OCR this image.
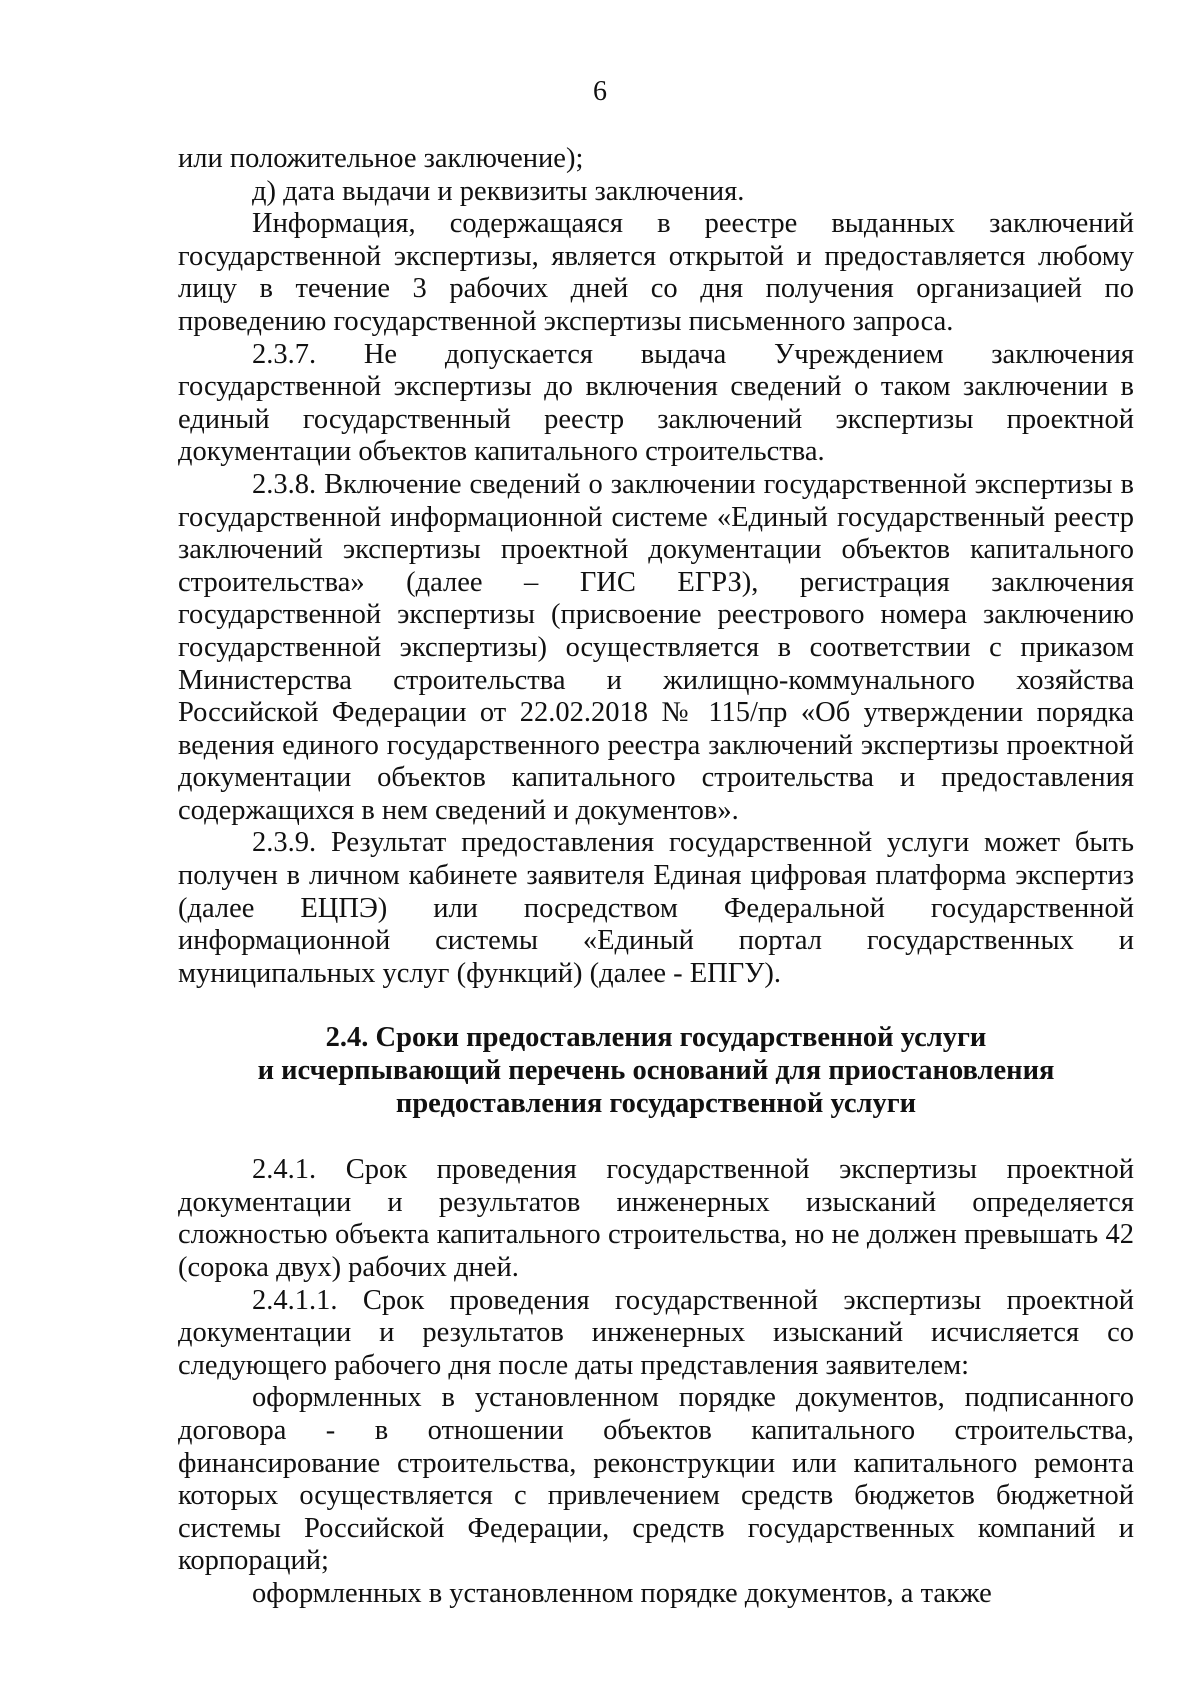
6

или положительное заключение);

д) дата выдачи и реквизиты заключения.

Информация, содержащаяся в реестре выданных заключений государственной экспертизы, является открытой и предоставляется любому лицу в течение 3 рабочих дней со дня получения организацией по проведению государственной экспертизы письменного запроса.

2.3.7. Не допускается выдача Учреждением заключения государственной экспертизы до включения сведений о таком заключении в единый государственный реестр заключений экспертизы проектной документации объектов капитального строительства.

2.3.8. Включение сведений о заключении государственной экспертизы в государственной информационной системе «Единый государственный реестр заключений экспертизы проектной документации объектов капитального строительства» (далее – ГИС ЕГРЗ), регистрация заключения государственной экспертизы (присвоение реестрового номера заключению государственной экспертизы) осуществляется в соответствии с приказом Министерства строительства и жилищно-коммунального хозяйства Российской Федерации от 22.02.2018 № 115/пр «Об утверждении порядка ведения единого государственного реестра заключений экспертизы проектной документации объектов капитального строительства и предоставления содержащихся в нем сведений и документов».

2.3.9. Результат предоставления государственной услуги может быть получен в личном кабинете заявителя Единая цифровая платформа экспертиз (далее ЕЦПЭ) или посредством Федеральной государственной информационной системы «Единый портал государственных и муниципальных услуг (функций) (далее - ЕПГУ).

2.4. Сроки предоставления государственной услуги
и исчерпывающий перечень оснований для приостановления
предоставления государственной услуги

2.4.1. Срок проведения государственной экспертизы проектной документации и результатов инженерных изысканий определяется сложностью объекта капитального строительства, но не должен превышать 42 (сорока двух) рабочих дней.

2.4.1.1. Срок проведения государственной экспертизы проектной документации и результатов инженерных изысканий исчисляется со следующего рабочего дня после даты представления заявителем:

оформленных в установленном порядке документов, подписанного договора - в отношении объектов капитального строительства, финансирование строительства, реконструкции или капитального ремонта которых осуществляется с привлечением средств бюджетов бюджетной системы Российской Федерации, средств государственных компаний и корпораций;

оформленных в установленном порядке документов, а также
